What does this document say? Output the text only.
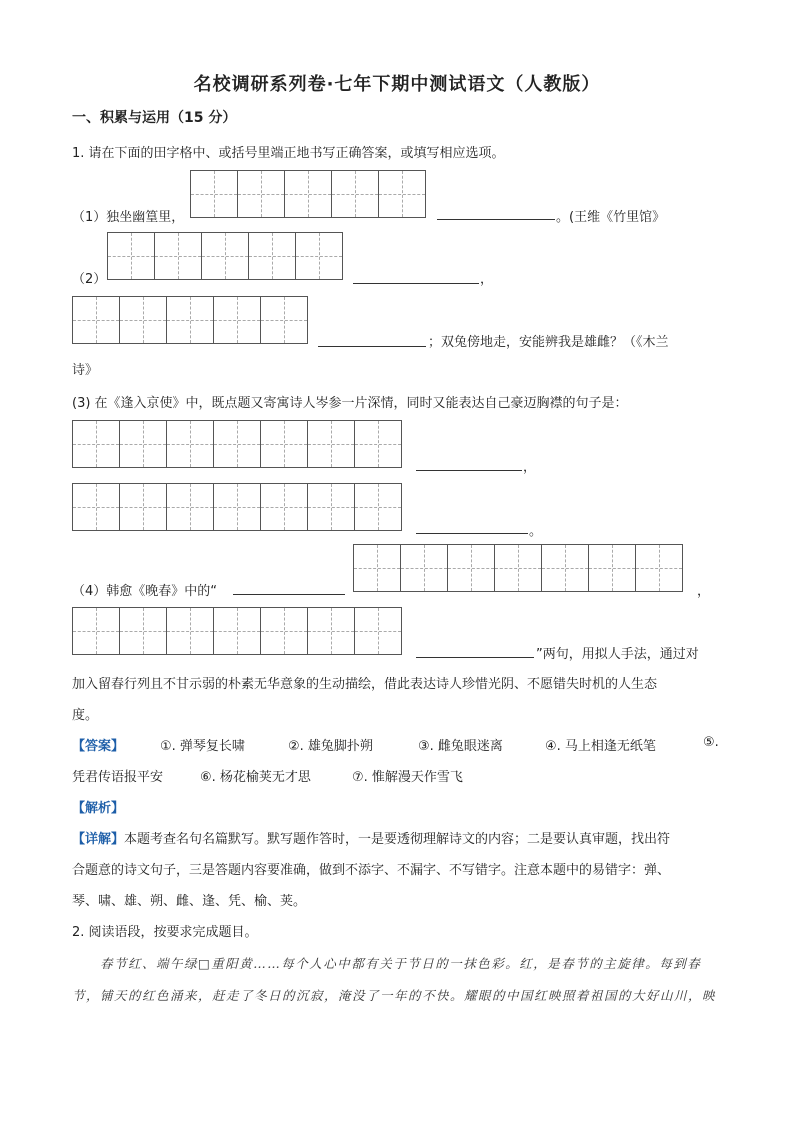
名校调研系列卷·七年下期中测试语文（人教版）
一、积累与运用（15 分）
1. 请在下面的田字格中、或括号里端正地书写正确答案，或填写相应选项。
（1）独坐幽篁里，	。(王维《竹里馆》
（2）	，
；双兔傍地走，安能辨我是雄雌？（《木兰
诗》
(3) 在《逢入京使》中，既点题又寄寓诗人岑参一片深情，同时又能表达自己豪迈胸襟的句子是：
，
。
（4）韩愈《晚春》中的“	，
”两句，用拟人手法，通过对
加入留春行列且不甘示弱的朴素无华意象的生动描绘，借此表达诗人珍惜光阴、不愿错失时机的人生态
度。
【答案】	①. 弹琴复长啸	②. 雄兔脚扑朔	③. 雌兔眼迷离	④. 马上相逢无纸笔	⑤.
凭君传语报平安	⑥. 杨花榆荚无才思	⑦. 惟解漫天作雪飞
【解析】
【详解】本题考查名句名篇默写。默写题作答时，一是要透彻理解诗文的内容；二是要认真审题，找出符
合题意的诗文句子，三是答题内容要准确，做到不添字、不漏字、不写错字。注意本题中的易错字：弹、
琴、啸、雄、朔、雌、逢、凭、榆、荚。
2. 阅读语段，按要求完成题目。
春节红、端午绿□重阳黄……每个人心中都有关于节日的一抹色彩。红，是春节的主旋律。每到春
节，铺天的红色涌来，赶走了冬日的沉寂，淹没了一年的不快。耀眼的中国红映照着祖国的大好山川，映
